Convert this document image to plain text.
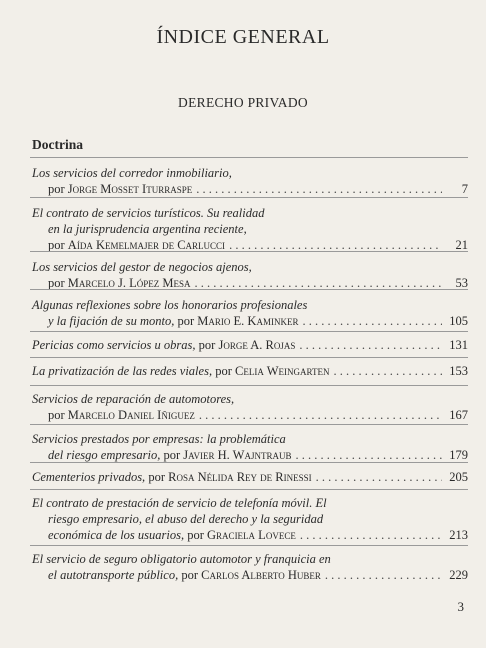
ÍNDICE GENERAL
DERECHO PRIVADO
Doctrina
Los servicios del corredor inmobiliario,
por Jorge Mosset Iturraspe . . .	7
El contrato de servicios turísticos. Su realidad
en la jurisprudencia argentina reciente,
por Aída Kemelmajer de Carlucci . . .	21
Los servicios del gestor de negocios ajenos,
por Marcelo J. López Mesa . . .	53
Algunas reflexiones sobre los honorarios profesionales
y la fijación de su monto, por Mario E. Kaminker . . .	105
Pericias como servicios u obras, por Jorge A. Rojas . . .	131
La privatización de las redes viales, por Celia Weingarten . . .	153
Servicios de reparación de automotores,
por Marcelo Daniel Iñiguez . . .	167
Servicios prestados por empresas: la problemática
del riesgo empresario, por Javier H. Wajntraub . . .	179
Cementerios privados, por Rosa Nélida Rey de Rinessi . . .	205
El contrato de prestación de servicio de telefonía móvil. El
riesgo empresario, el abuso del derecho y la seguridad
económica de los usuarios, por Graciela Lovece . . .	213
El servicio de seguro obligatorio automotor y franquicia en
el autotransporte público, por Carlos Alberto Huber . . .	229
3
